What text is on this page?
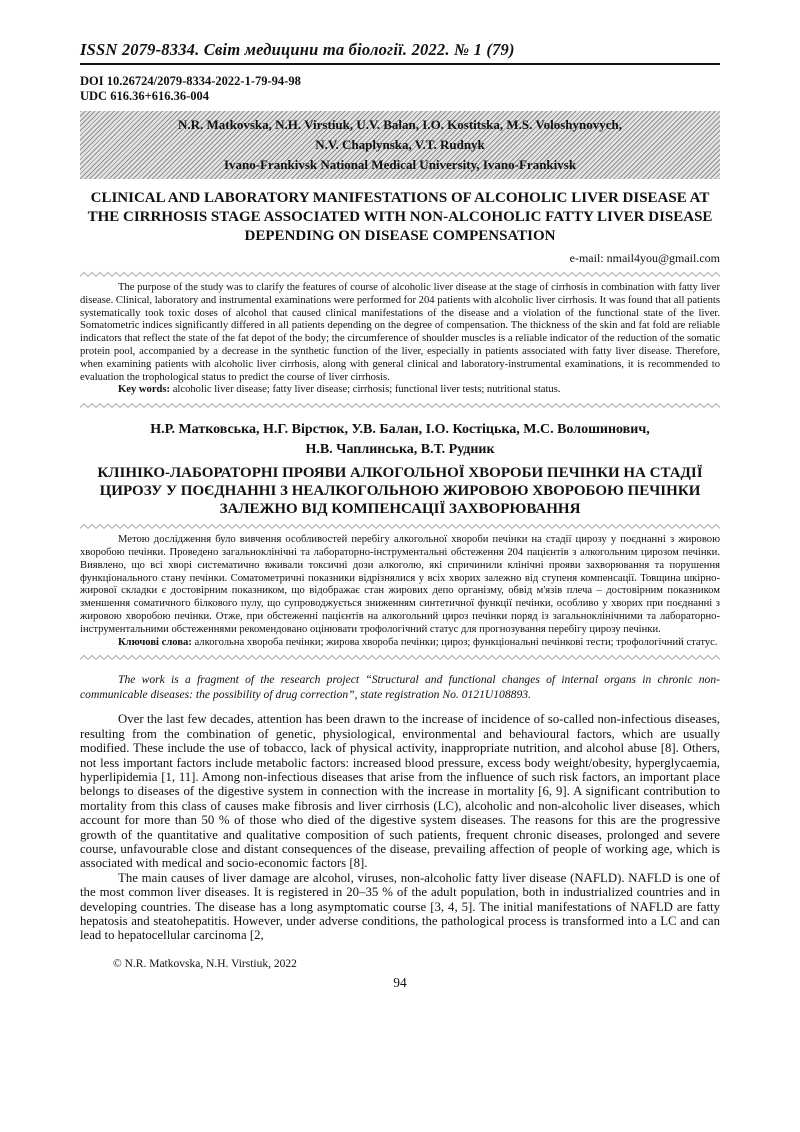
ISSN 2079-8334. Світ медицини та біології. 2022. № 1 (79)
DOI 10.26724/2079-8334-2022-1-79-94-98
UDC 616.36+616.36-004
N.R. Matkovska, N.H. Virstiuk, U.V. Balan, I.O. Kostitska, M.S. Voloshynovych,
N.V. Chaplynska, V.T. Rudnyk
Ivano-Frankivsk National Medical University, Ivano-Frankivsk
CLINICAL AND LABORATORY MANIFESTATIONS OF ALCOHOLIC LIVER DISEASE AT THE CIRRHOSIS STAGE ASSOCIATED WITH NON-ALCOHOLIC FATTY LIVER DISEASE DEPENDING ON DISEASE COMPENSATION
e-mail: nmail4you@gmail.com

The purpose of the study was to clarify the features of course of alcoholic liver disease at the stage of cirrhosis in combination with fatty liver disease. Clinical, laboratory and instrumental examinations were performed for 204 patients with alcoholic liver cirrhosis. It was found that all patients systematically took toxic doses of alcohol that caused clinical manifestations of the disease and a violation of the functional state of the liver. Somatometric indices significantly differed in all patients depending on the degree of compensation. The thickness of the skin and fat fold are reliable indicators that reflect the state of the fat depot of the body; the circumference of shoulder muscles is a reliable indicator of the reduction of the somatic protein pool, accompanied by a decrease in the synthetic function of the liver, especially in patients associated with fatty liver disease. Therefore, when examining patients with alcoholic liver cirrhosis, along with general clinical and laboratory-instrumental examinations, it is recommended to evaluation the trophological status to predict the course of liver cirrhosis.

Key words: alcoholic liver disease; fatty liver disease; cirrhosis; functional liver tests; nutritional status.

Н.Р. Матковська, Н.Г. Вірстюк, У.В. Балан, І.О. Костіцька, М.С. Волошинович,
Н.В. Чаплинська, В.Т. Рудник
КЛІНІКО-ЛАБОРАТОРНІ ПРОЯВИ АЛКОГОЛЬНОЇ ХВОРОБИ ПЕЧІНКИ НА СТАДІЇ ЦИРОЗУ У ПОЄДНАННІ З НЕАЛКОГОЛЬНОЮ ЖИРОВОЮ ХВОРОБОЮ ПЕЧІНКИ ЗАЛЕЖНО ВІД КОМПЕНСАЦІЇ ЗАХВОРЮВАННЯ

Метою дослідження було вивчення особливостей перебігу алкогольної хвороби печінки на стадії цирозу у поєднанні з жировою хворобою печінки. Проведено загальноклінічні та лабораторно-інструментальні обстеження 204 пацієнтів з алкогольним цирозом печінки. Виявлено, що всі хворі систематично вживали токсичні дози алкоголю, які спричинили клінічні прояви захворювання та порушення функціонального стану печінки. Соматометричні показники відрізнялися у всіх хворих залежно від ступеня компенсації. Товщина шкірно-жирової складки є достовірним показником, що відображає стан жирових депо організму, обвід м'язів плеча – достовірним показником зменшення соматичного білкового пулу, що супроводжується зниженням синтетичної функції печінки, особливо у хворих при поєднанні з жировою хворобою печінки. Отже, при обстеженні пацієнтів на алкогольний цироз печінки поряд із загальноклінічними та лабораторно-інструментальними обстеженнями рекомендовано оцінювати трофологічний статус для прогнозування перебігу цирозу печінки.

Ключові слова: алкогольна хвороба печінки; жирова хвороба печінки; цироз; функціональні печінкові тести; трофологічний статус.

The work is a fragment of the research project “Structural and functional changes of internal organs in chronic non-communicable diseases: the possibility of drug correction”, state registration No. 0121U108893.

Over the last few decades, attention has been drawn to the increase of incidence of so-called non-infectious diseases, resulting from the combination of genetic, physiological, environmental and behavioural factors, which are usually modified. These include the use of tobacco, lack of physical activity, inappropriate nutrition, and alcohol abuse [8]. Others, not less important factors include metabolic factors: increased blood pressure, excess body weight/obesity, hyperglycaemia, hyperlipidemia [1, 11]. Among non-infectious diseases that arise from the influence of such risk factors, an important place belongs to diseases of the digestive system in connection with the increase in mortality [6, 9]. A significant contribution to mortality from this class of causes make fibrosis and liver cirrhosis (LC), alcoholic and non-alcoholic liver diseases, which account for more than 50 % of those who died of the digestive system diseases. The reasons for this are the progressive growth of the quantitative and qualitative composition of such patients, frequent chronic diseases, prolonged and severe course, unfavourable close and distant consequences of the disease, prevailing affection of people of working age, which is associated with medical and socio-economic factors [8].

The main causes of liver damage are alcohol, viruses, non-alcoholic fatty liver disease (NAFLD). NAFLD is one of the most common liver diseases. It is registered in 20–35 % of the adult population, both in industrialized countries and in developing countries. The disease has a long asymptomatic course [3, 4, 5]. The initial manifestations of NAFLD are fatty hepatosis and steatohepatitis. However, under adverse conditions, the pathological process is transformed into a LC and can lead to hepatocellular carcinoma [2,

© N.R. Matkovska, N.H. Virstiuk, 2022
94
